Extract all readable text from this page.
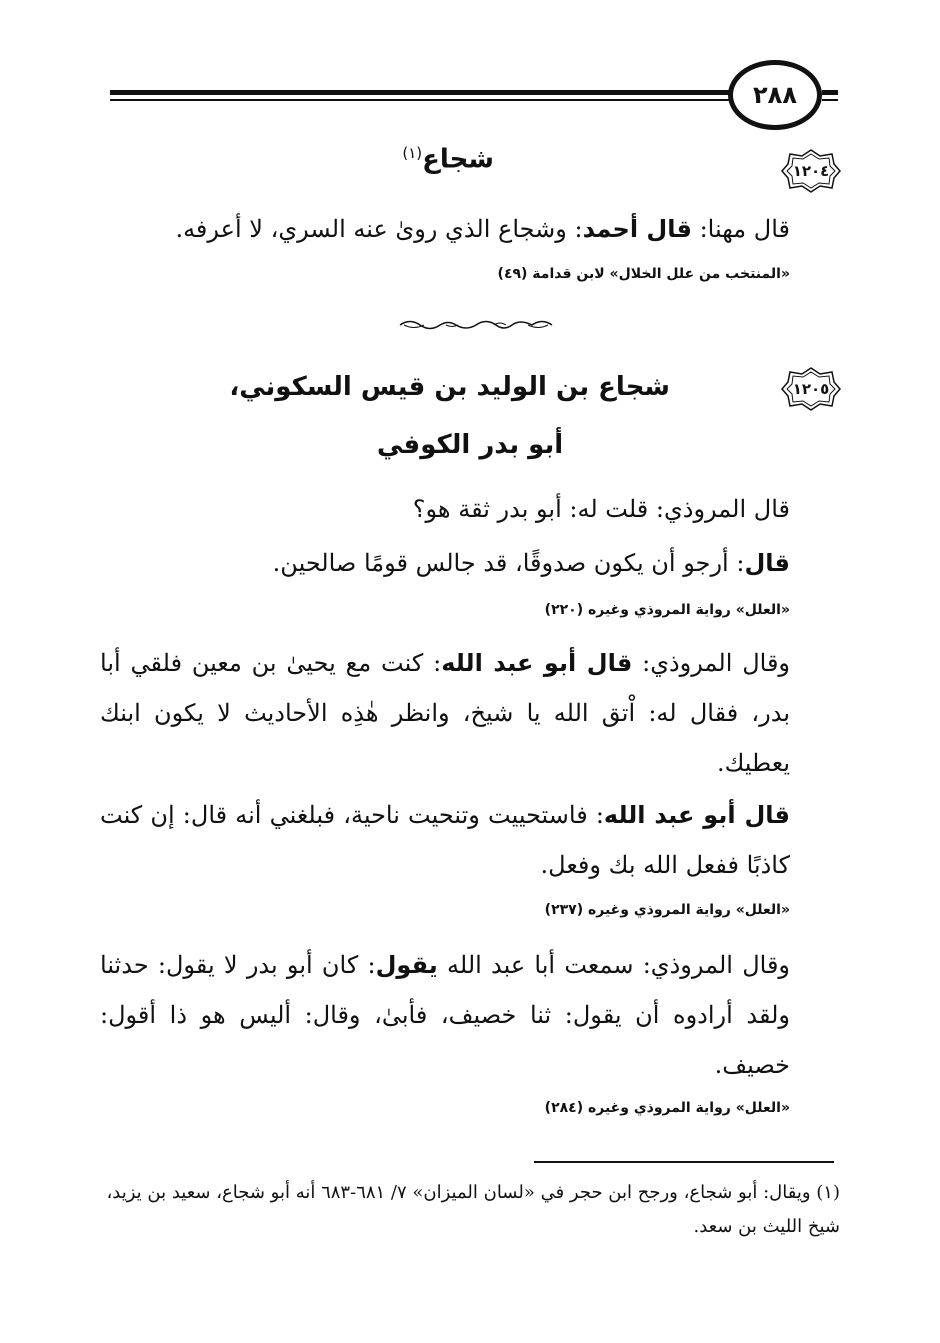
٢٨٨
١٢٠٤
شجاع$^{(١)}$
قال مهنا: قال أحمد: وشجاع الذي روىٰ عنه السري، لا أعرفه.
«المنتخب من علل الخلال» لابن قدامة (٤٩)
١٢٠٥
شجاع بن الوليد بن قيس السكوني،
أبو بدر الكوفي
قال المروذي: قلت له: أبو بدر ثقة هو؟
قال: أرجو أن يكون صدوقًا، قد جالس قومًا صالحين.
«العلل» رواية المروذي وغيره (٢٢٠)
وقال المروذي: قال أبو عبد الله: كنت مع يحيىٰ بن معين فلقي أبا بدر، فقال له: اْتق الله يا شيخ، وانظر هٰذِه الأحاديث لا يكون ابنك يعطيك.
قال أبو عبد الله: فاستحييت وتنحيت ناحية، فبلغني أنه قال: إن كنت كاذبًا ففعل الله بك وفعل.
«العلل» رواية المروذي وغيره (٢٣٧)
وقال المروذي: سمعت أبا عبد الله يقول: كان أبو بدر لا يقول: حدثنا ولقد أرادوه أن يقول: ثنا خصيف، فأبىٰ، وقال: أليس هو ذا أقول: خصيف.
«العلل» رواية المروذي وغيره (٢٨٤)
(١) ويقال: أبو شجاع، ورجح ابن حجر في «لسان الميزان» ٧/ ٦٨١-٦٨٣ أنه أبو شجاع، سعيد بن يزيد، شيخ الليث بن سعد.
